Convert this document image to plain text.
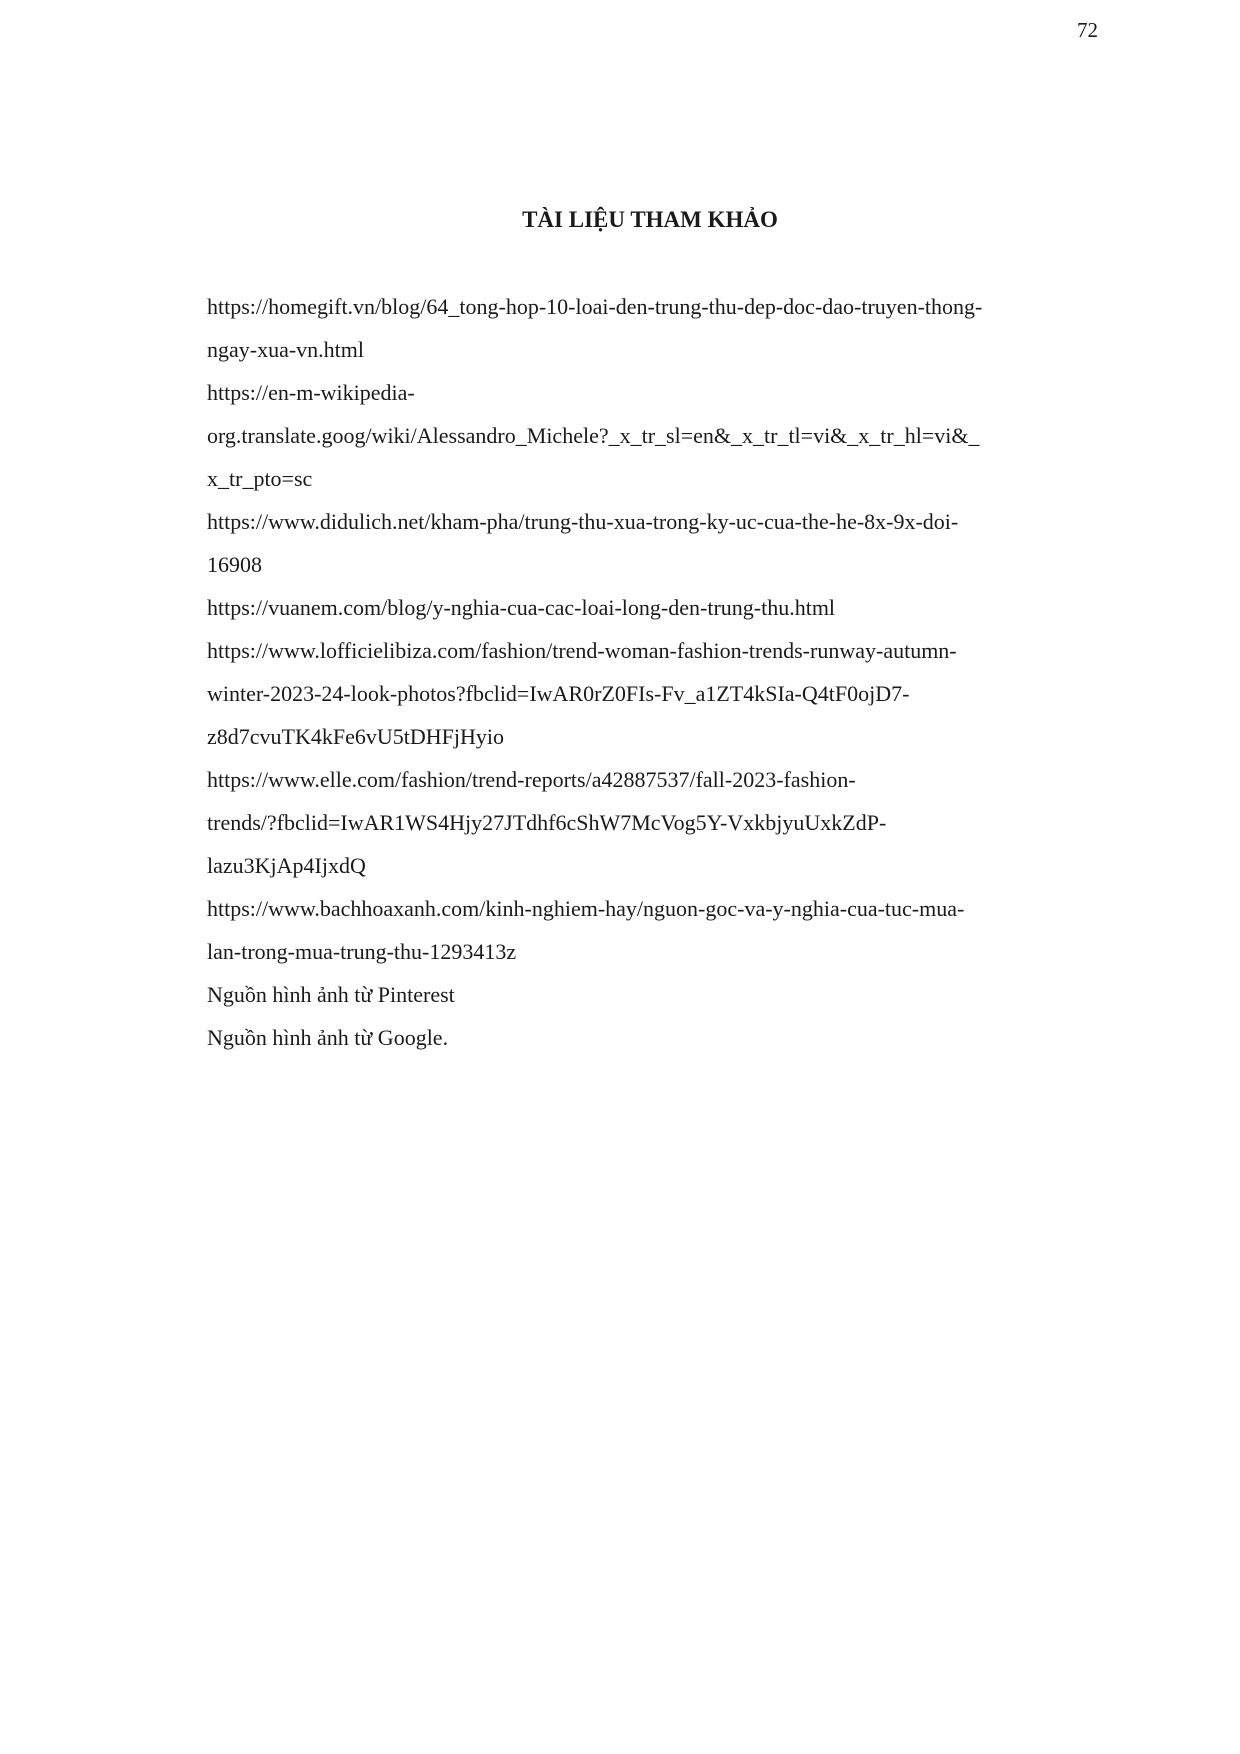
72
TÀI LIỆU THAM KHẢO
https://homegift.vn/blog/64_tong-hop-10-loai-den-trung-thu-dep-doc-dao-truyen-thong-
ngay-xua-vn.html
https://en-m-wikipedia-
org.translate.goog/wiki/Alessandro_Michele?_x_tr_sl=en&_x_tr_tl=vi&_x_tr_hl=vi&_
x_tr_pto=sc
https://www.didulich.net/kham-pha/trung-thu-xua-trong-ky-uc-cua-the-he-8x-9x-doi-
16908
https://vuanem.com/blog/y-nghia-cua-cac-loai-long-den-trung-thu.html
https://www.lofficielibiza.com/fashion/trend-woman-fashion-trends-runway-autumn-
winter-2023-24-look-photos?fbclid=IwAR0rZ0FIs-Fv_a1ZT4kSIa-Q4tF0ojD7-
z8d7cvuTK4kFe6vU5tDHFjHyio
https://www.elle.com/fashion/trend-reports/a42887537/fall-2023-fashion-
trends/?fbclid=IwAR1WS4Hjy27JTdhf6cShW7McVog5Y-VxkbjyuUxkZdP-
lazu3KjAp4IjxdQ
https://www.bachhoaxanh.com/kinh-nghiem-hay/nguon-goc-va-y-nghia-cua-tuc-mua-
lan-trong-mua-trung-thu-1293413z
Nguồn hình ảnh từ Pinterest
Nguồn hình ảnh từ Google.
